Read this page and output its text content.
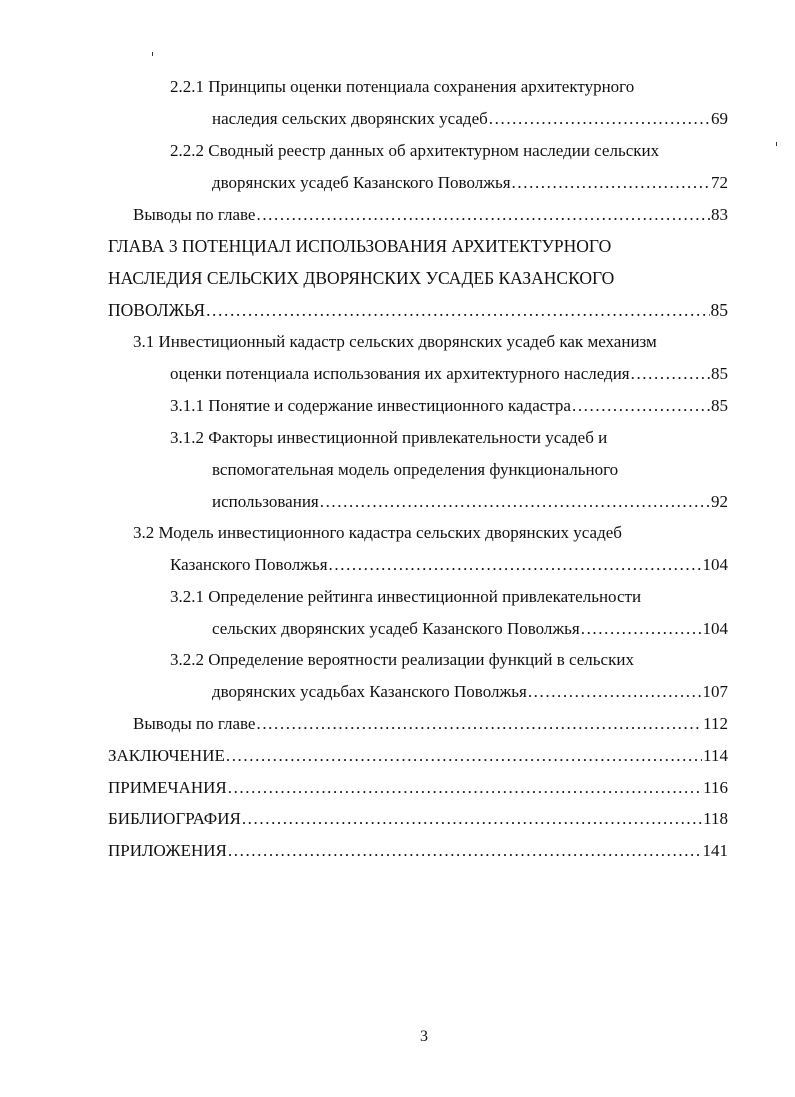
2.2.1 Принципы оценки потенциала сохранения архитектурного
наследия сельских дворянских усадеб .....	69
2.2.2 Сводный реестр данных об архитектурном наследии сельских
дворянских усадеб Казанского Поволжья .....	72
Выводы по главе .....	83
ГЛАВА 3 ПОТЕНЦИАЛ ИСПОЛЬЗОВАНИЯ АРХИТЕКТУРНОГО
НАСЛЕДИЯ СЕЛЬСКИХ ДВОРЯНСКИХ УСАДЕБ КАЗАНСКОГО
ПОВОЛЖЬЯ .....	85
3.1 Инвестиционный кадастр сельских дворянских усадеб как механизм
оценки потенциала использования их архитектурного наследия .....	85
3.1.1 Понятие и содержание инвестиционного кадастра .....	85
3.1.2 Факторы инвестиционной привлекательности усадеб и
вспомогательная модель определения функционального
использования .....	92
3.2 Модель инвестиционного кадастра сельских дворянских усадеб
Казанского Поволжья .....	104
3.2.1 Определение рейтинга инвестиционной привлекательности
сельских дворянских усадеб Казанского Поволжья .....	104
3.2.2 Определение вероятности реализации функций в сельских
дворянских усадьбах Казанского Поволжья .....	107
Выводы по главе .....	112
ЗАКЛЮЧЕНИЕ .....	114
ПРИМЕЧАНИЯ .....	116
БИБЛИОГРАФИЯ .....	118
ПРИЛОЖЕНИЯ .....	141
3
